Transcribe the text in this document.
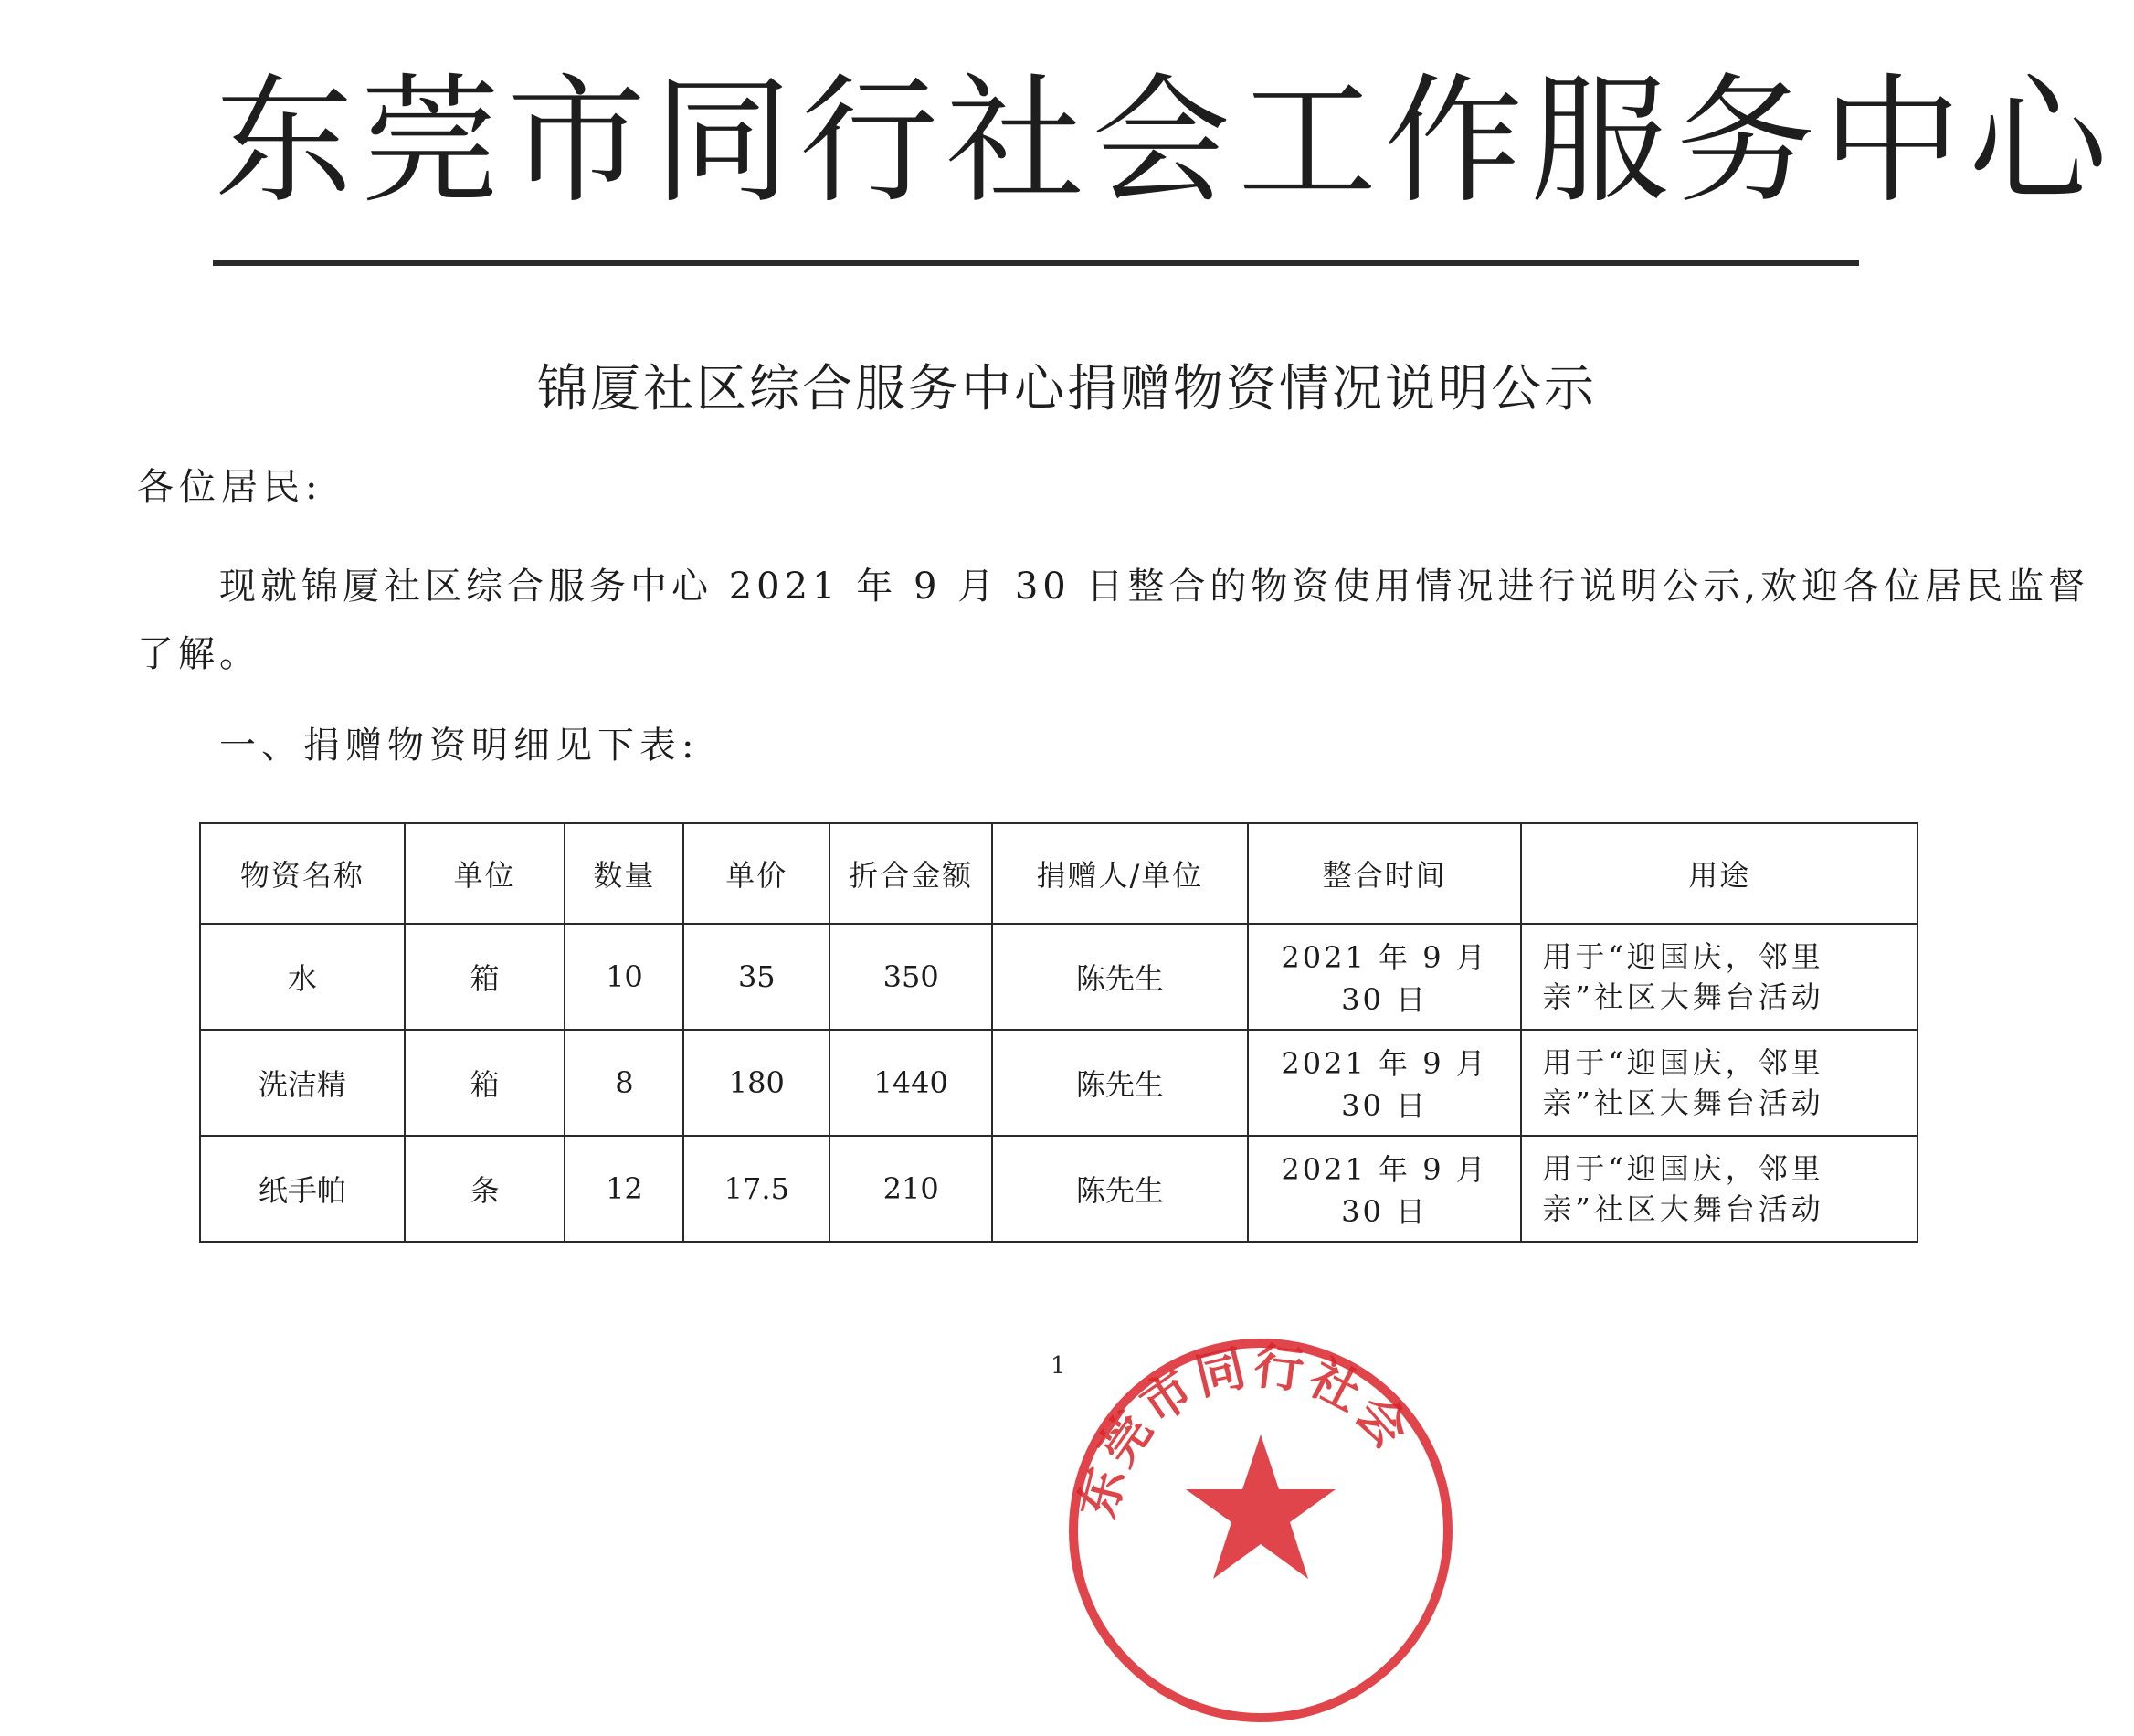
东莞市同行社会工作服务中心
锦厦社区综合服务中心捐赠物资情况说明公示
各位居民:
现就锦厦社区综合服务中心 2021 年 9 月 30 日整合的物资使用情况进行说明公示,欢迎各位居民监督
了解。
一、捐赠物资明细见下表:
物资名称	单位	数量	单价	折合金额	捐赠人/单位	整合时间	用途
水	箱	10	35	350	陈先生	2021 年 9 月 30 日	用于“迎国庆，邻里亲”社区大舞台活动
洗洁精	箱	8	180	1440	陈先生	2021 年 9 月 30 日	用于“迎国庆，邻里亲”社区大舞台活动
纸手帕	条	12	17.5	210	陈先生	2021 年 9 月 30 日	用于“迎国庆，邻里亲”社区大舞台活动
东莞市同行社会
1
